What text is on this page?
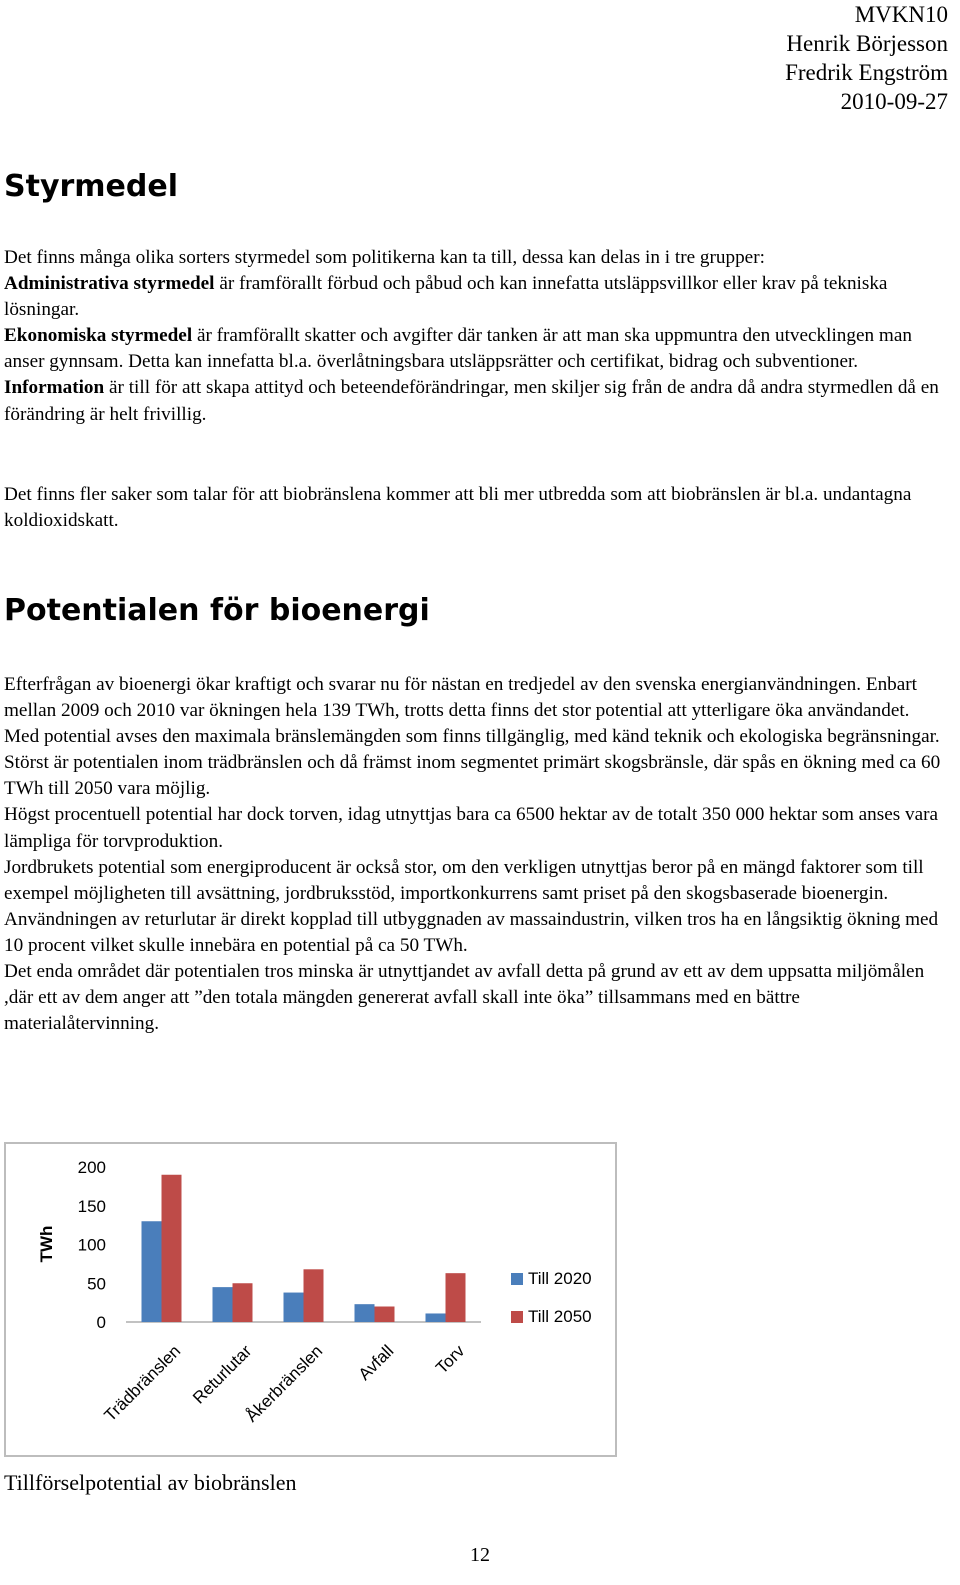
MVKN10
Henrik Börjesson
Fredrik Engström
2010-09-27
Styrmedel

Det finns många olika sorters styrmedel som politikerna kan ta till, dessa kan delas in i tre grupper:
Administrativa styrmedel är framförallt förbud och påbud och kan innefatta utsläppsvillkor eller krav på tekniska lösningar.
Ekonomiska styrmedel är framförallt skatter och avgifter där tanken är att man ska uppmuntra den utvecklingen man anser gynnsam. Detta kan innefatta bl.a. överlåtningsbara utsläppsrätter och certifikat, bidrag och subventioner.
Information är till för att skapa attityd och beteendeförändringar, men skiljer sig från de andra då andra styrmedlen då en förändring är helt frivillig.

Det finns fler saker som talar för att biobränslena kommer att bli mer utbredda som att biobränslen är bl.a. undantagna koldioxidskatt.

Potentialen för bioenergi

Efterfrågan av bioenergi ökar kraftigt och svarar nu för nästan en tredjedel av den svenska energianvändningen. Enbart mellan 2009 och 2010 var ökningen hela 139 TWh, trotts detta finns det stor potential att ytterligare öka användandet. Med potential avses den maximala bränslemängden som finns tillgänglig, med känd teknik och ekologiska begränsningar. Störst är potentialen inom trädbränslen och då främst inom segmentet primärt skogsbränsle, där spås en ökning med ca 60 TWh till 2050 vara möjlig.
Högst procentuell potential har dock torven, idag utnyttjas bara ca 6500 hektar av de totalt 350 000 hektar som anses vara lämpliga för torvproduktion.
Jordbrukets potential som energiproducent är också stor, om den verkligen utnyttjas beror på en mängd faktorer som till exempel möjligheten till avsättning, jordbruksstöd, importkonkurrens samt priset på den skogsbaserade bioenergin.
Användningen av returlutar är direkt kopplad till utbyggnaden av massaindustrin, vilken tros ha en långsiktig ökning med 10 procent vilket skulle innebära en potential på ca 50 TWh.
Det enda området där potentialen tros minska är utnyttjandet av avfall detta på grund av ett av dem uppsatta miljömålen ,där ett av dem anger att ”den totala mängden genererat avfall skall inte öka” tillsammans med en bättre materialåtervinning.

0
50
100
150
200
TWh
Trädbränslen Returlutar
Åkerbränslen Avfall Torv
Till 2020
Till 2050
Tillförselpotential av biobränslen
12
